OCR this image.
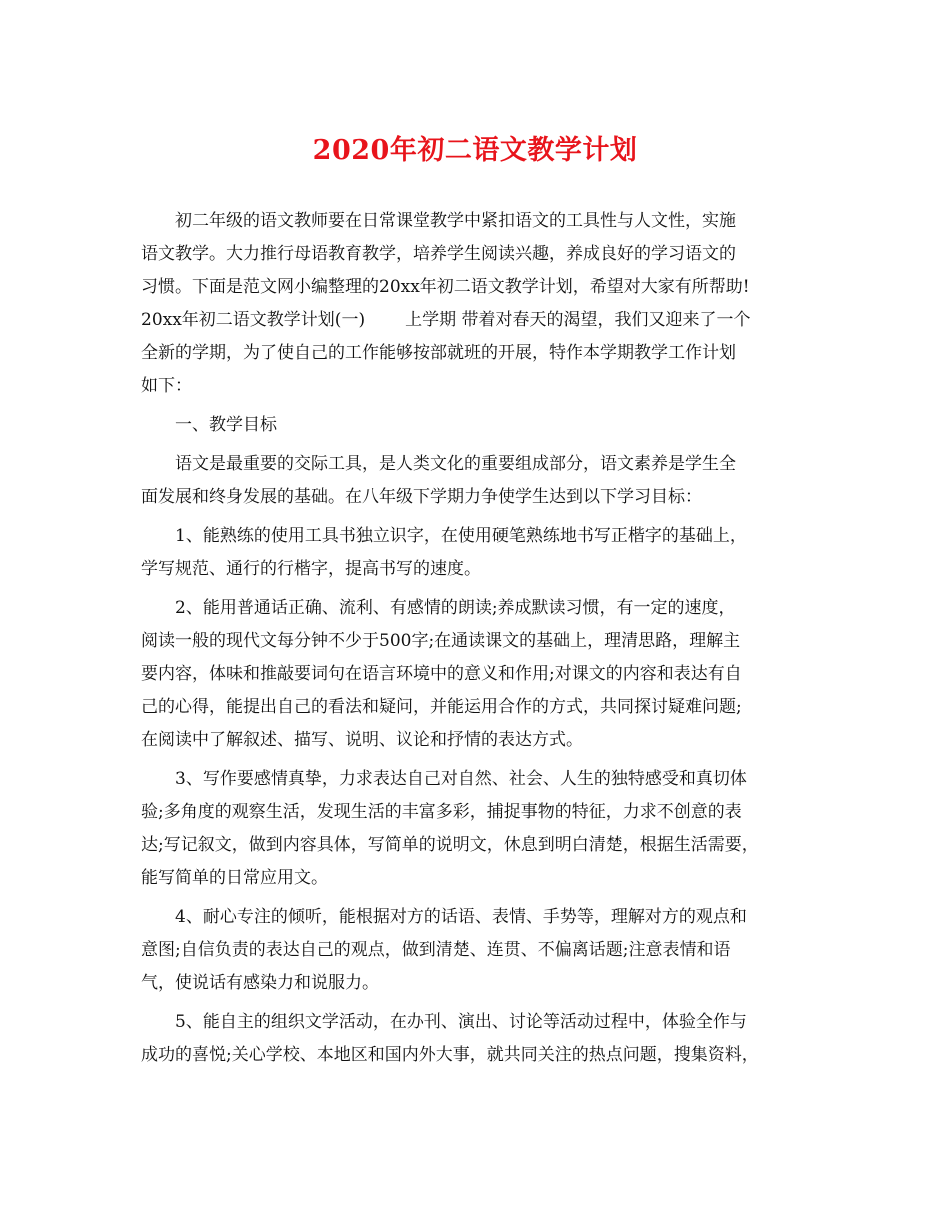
2020年初二语文教学计划
初二年级的语文教师要在日常课堂教学中紧扣语文的工具性与人文性，实施
语文教学。大力推行母语教育教学，培养学生阅读兴趣，养成良好的学习语文的
习惯。下面是范文网小编整理的20xx年初二语文教学计划，希望对大家有所帮助!
20xx年初二语文教学计划(一) 上学期 带着对春天的渴望，我们又迎来了一个
全新的学期，为了使自己的工作能够按部就班的开展，特作本学期教学工作计划
如下：
一、教学目标
语文是最重要的交际工具，是人类文化的重要组成部分，语文素养是学生全
面发展和终身发展的基础。在八年级下学期力争使学生达到以下学习目标：
1、能熟练的使用工具书独立识字，在使用硬笔熟练地书写正楷字的基础上，
学写规范、通行的行楷字，提高书写的速度。
2、能用普通话正确、流利、有感情的朗读;养成默读习惯，有一定的速度，
阅读一般的现代文每分钟不少于500字;在通读课文的基础上，理清思路，理解主
要内容，体味和推敲要词句在语言环境中的意义和作用;对课文的内容和表达有自
己的心得，能提出自己的看法和疑问，并能运用合作的方式，共同探讨疑难问题;
在阅读中了解叙述、描写、说明、议论和抒情的表达方式。
3、写作要感情真挚，力求表达自己对自然、社会、人生的独特感受和真切体
验;多角度的观察生活，发现生活的丰富多彩，捕捉事物的特征，力求不创意的表
达;写记叙文，做到内容具体，写简单的说明文，休息到明白清楚，根据生活需要，
能写简单的日常应用文。
4、耐心专注的倾听，能根据对方的话语、表情、手势等，理解对方的观点和
意图;自信负责的表达自己的观点，做到清楚、连贯、不偏离话题;注意表情和语
气，使说话有感染力和说服力。
5、能自主的组织文学活动，在办刊、演出、讨论等活动过程中，体验全作与
成功的喜悦;关心学校、本地区和国内外大事，就共同关注的热点问题，搜集资料，
